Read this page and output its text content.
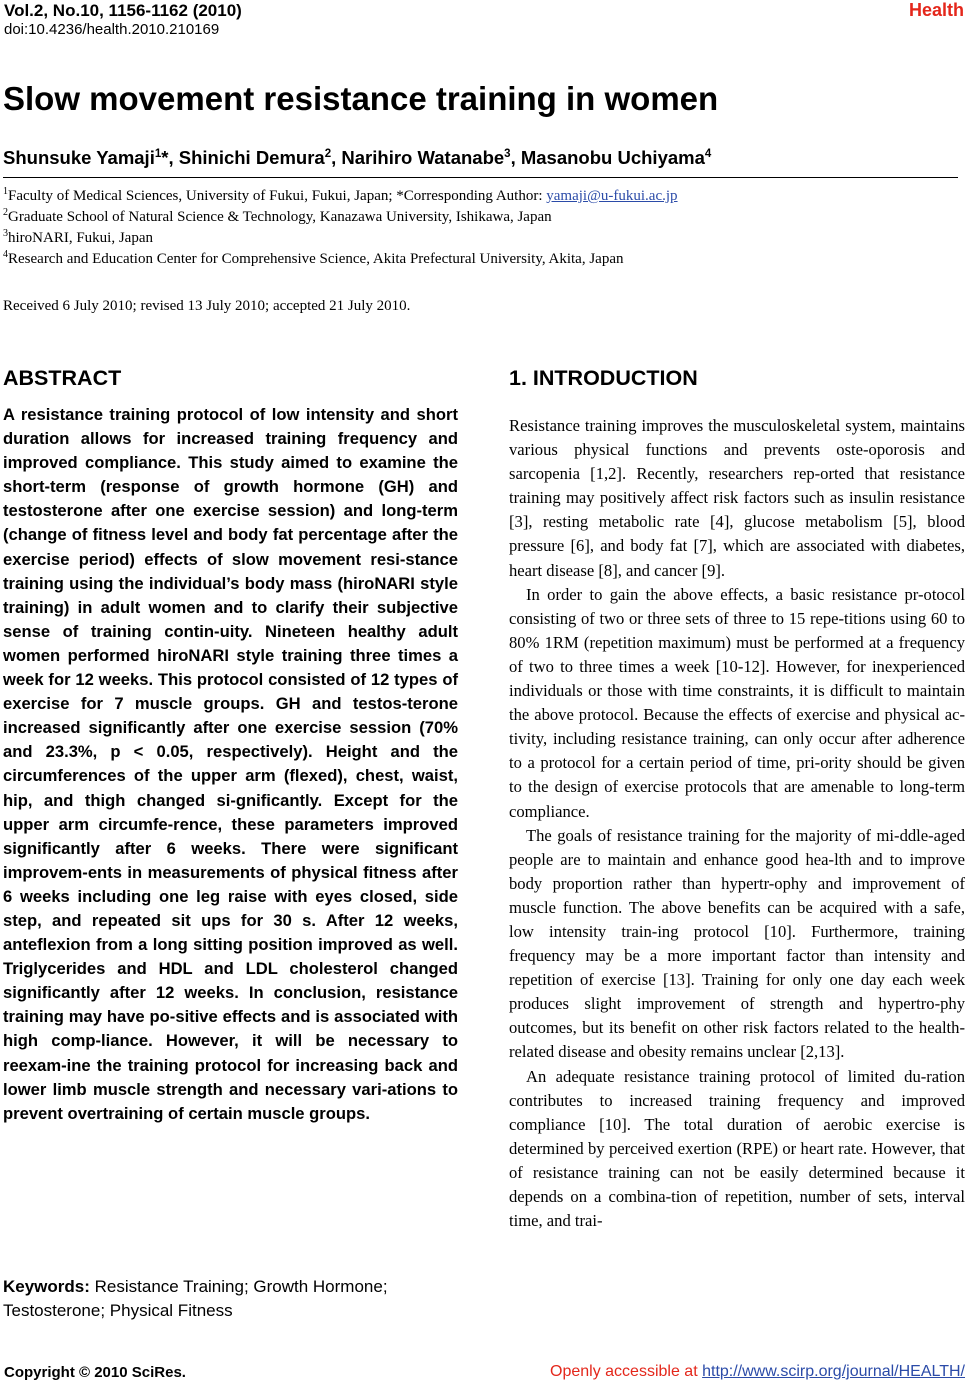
Vol.2, No.10, 1156-1162 (2010)
doi:10.4236/health.2010.210169
Health
Slow movement resistance training in women
Shunsuke Yamaji$^1$*, Shinichi Demura$^2$, Narihiro Watanabe$^3$, Masanobu Uchiyama$^4$
$^1$Faculty of Medical Sciences, University of Fukui, Fukui, Japan; *Corresponding Author: yamaji@u-fukui.ac.jp
$^2$Graduate School of Natural Science & Technology, Kanazawa University, Ishikawa, Japan
$^3$hiroNARI, Fukui, Japan
$^4$Research and Education Center for Comprehensive Science, Akita Prefectural University, Akita, Japan
Received 6 July 2010; revised 13 July 2010; accepted 21 July 2010.
ABSTRACT
A resistance training protocol of low intensity and short duration allows for increased training frequency and improved compliance. This study aimed to examine the short-term (response of growth hormone (GH) and testosterone after one exercise session) and long-term (change of fitness level and body fat percentage after the exercise period) effects of slow movement resi-stance training using the individual’s body mass (hiroNARI style training) in adult women and to clarify their subjective sense of training contin-uity. Nineteen healthy adult women performed hiroNARI style training three times a week for 12 weeks. This protocol consisted of 12 types of exercise for 7 muscle groups. GH and testos-terone increased significantly after one exercise session (70% and 23.3%, p < 0.05, respectively). Height and the circumferences of the upper arm (flexed), chest, waist, hip, and thigh changed si-gnificantly. Except for the upper arm circumfe-rence, these parameters improved significantly after 6 weeks. There were significant improvem-ents in measurements of physical fitness after 6 weeks including one leg raise with eyes closed, side step, and repeated sit ups for 30 s. After 12 weeks, anteflexion from a long sitting position improved as well. Triglycerides and HDL and LDL cholesterol changed significantly after 12 weeks. In conclusion, resistance training may have po-sitive effects and is associated with high comp-liance. However, it will be necessary to reexam-ine the training protocol for increasing back and lower limb muscle strength and necessary vari-ations to prevent overtraining of certain muscle groups.
Keywords: Resistance Training; Growth Hormone; Testosterone; Physical Fitness
1. INTRODUCTION

Resistance training improves the musculoskeletal system, maintains various physical functions and prevents oste-oporosis and sarcopenia [1,2]. Recently, researchers rep-orted that resistance training may positively affect risk factors such as insulin resistance [3], resting metabolic rate [4], glucose metabolism [5], blood pressure [6], and body fat [7], which are associated with diabetes, heart disease [8], and cancer [9].

In order to gain the above effects, a basic resistance pr-otocol consisting of two or three sets of three to 15 repe-titions using 60 to 80% 1RM (repetition maximum) must be performed at a frequency of two to three times a week [10-12]. However, for inexperienced individuals or those with time constraints, it is difficult to maintain the above protocol. Because the effects of exercise and physical ac-tivity, including resistance training, can only occur after adherence to a protocol for a certain period of time, pri-ority should be given to the design of exercise protocols that are amenable to long-term compliance.

The goals of resistance training for the majority of mi-ddle-aged people are to maintain and enhance good hea-lth and to improve body proportion rather than hypertr-ophy and improvement of muscle function. The above benefits can be acquired with a safe, low intensity train-ing protocol [10]. Furthermore, training frequency may be a more important factor than intensity and repetition of exercise [13]. Training for only one day each week produces slight improvement of strength and hypertro-phy outcomes, but its benefit on other risk factors related to the health-related disease and obesity remains unclear [2,13].

An adequate resistance training protocol of limited du-ration contributes to increased training frequency and improved compliance [10]. The total duration of aerobic exercise is determined by perceived exertion (RPE) or heart rate. However, that of resistance training can not be easily determined because it depends on a combina-tion of repetition, number of sets, interval time, and trai-

Copyright © 2010 SciRes.	Openly accessible at http://www.scirp.org/journal/HEALTH/
